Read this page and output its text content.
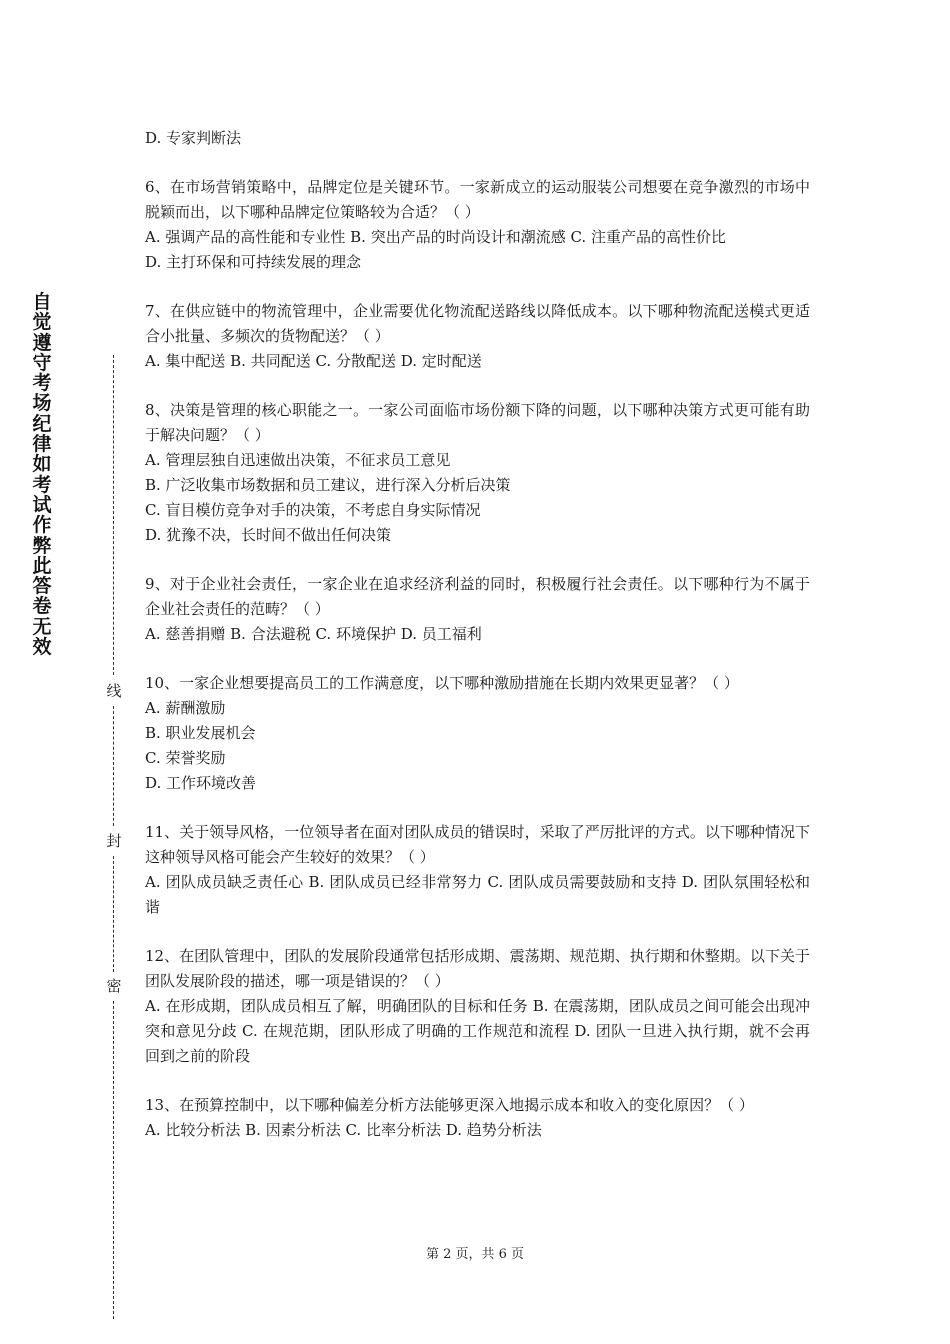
自觉遵守考场纪律如考试作弊此答卷无效
线
封
密

D. 专家判断法

6、在市场营销策略中，品牌定位是关键环节。一家新成立的运动服装公司想要在竞争激烈的市场中脱颖而出，以下哪种品牌定位策略较为合适？（ ）

A. 强调产品的高性能和专业性 B. 突出产品的时尚设计和潮流感 C. 注重产品的高性价比

D. 主打环保和可持续发展的理念

7、在供应链中的物流管理中，企业需要优化物流配送路线以降低成本。以下哪种物流配送模式更适合小批量、多频次的货物配送？（ ）

A. 集中配送 B. 共同配送 C. 分散配送 D. 定时配送

8、决策是管理的核心职能之一。一家公司面临市场份额下降的问题，以下哪种决策方式更可能有助于解决问题？（ ）

A. 管理层独自迅速做出决策，不征求员工意见

B. 广泛收集市场数据和员工建议，进行深入分析后决策

C. 盲目模仿竞争对手的决策，不考虑自身实际情况

D. 犹豫不决，长时间不做出任何决策

9、对于企业社会责任，一家企业在追求经济利益的同时，积极履行社会责任。以下哪种行为不属于企业社会责任的范畴？（ ）

A. 慈善捐赠 B. 合法避税 C. 环境保护 D. 员工福利

10、一家企业想要提高员工的工作满意度，以下哪种激励措施在长期内效果更显著？（ ）

A. 薪酬激励

B. 职业发展机会

C. 荣誉奖励

D. 工作环境改善

11、关于领导风格，一位领导者在面对团队成员的错误时，采取了严厉批评的方式。以下哪种情况下这种领导风格可能会产生较好的效果？（ ）

A. 团队成员缺乏责任心 B. 团队成员已经非常努力 C. 团队成员需要鼓励和支持 D. 团队氛围轻松和谐

12、在团队管理中，团队的发展阶段通常包括形成期、震荡期、规范期、执行期和休整期。以下关于团队发展阶段的描述，哪一项是错误的？（ ）

A. 在形成期，团队成员相互了解，明确团队的目标和任务 B. 在震荡期，团队成员之间可能会出现冲突和意见分歧 C. 在规范期，团队形成了明确的工作规范和流程 D. 团队一旦进入执行期，就不会再回到之前的阶段

13、在预算控制中，以下哪种偏差分析方法能够更深入地揭示成本和收入的变化原因？（ ）

A. 比较分析法 B. 因素分析法 C. 比率分析法 D. 趋势分析法

第 2 页，共 6 页
